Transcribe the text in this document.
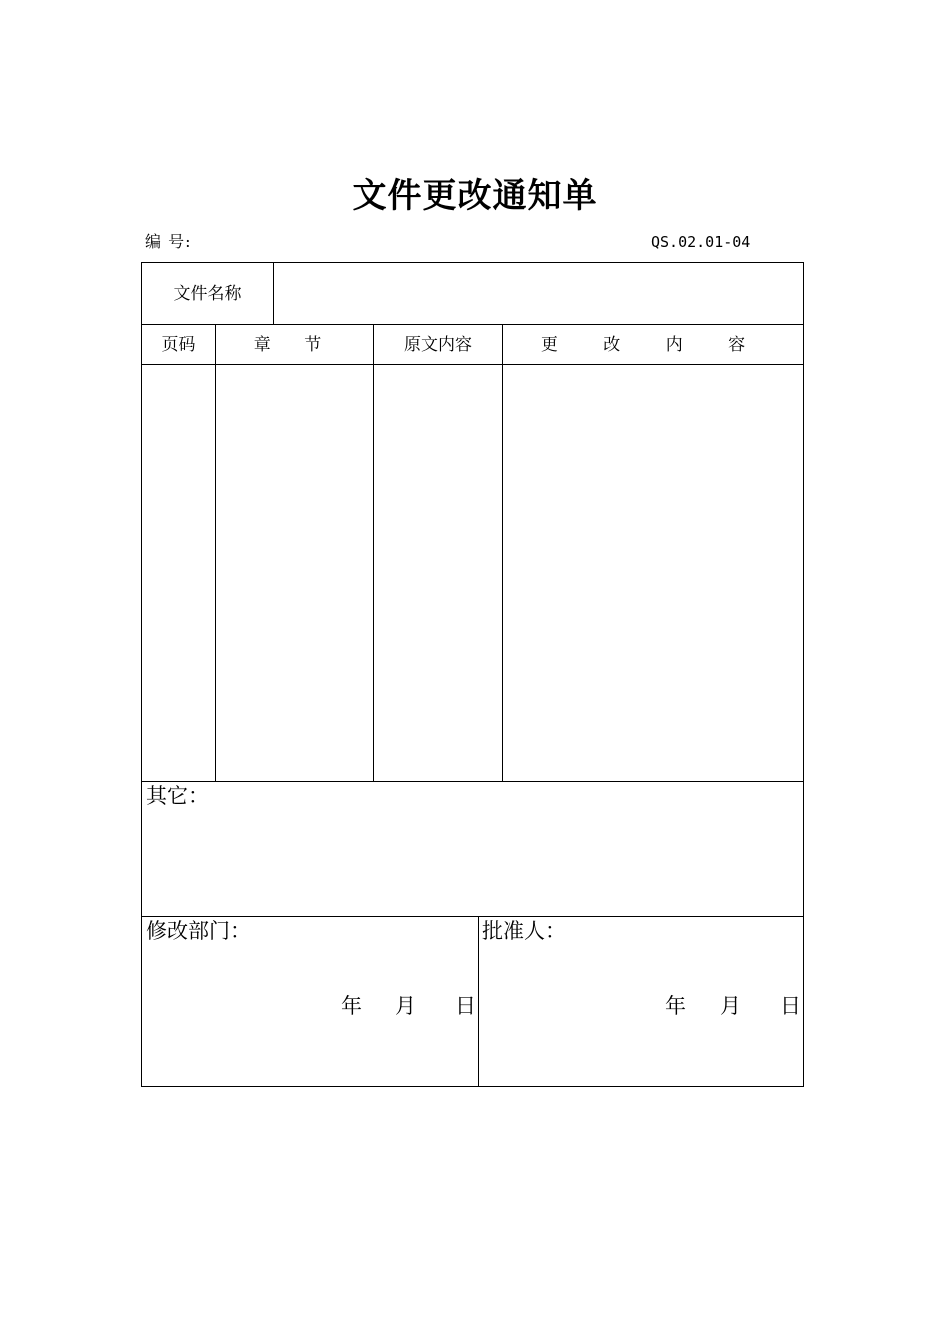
文件更改通知单
编 号:	QS.02.01-04
文件名称
页码	章 节	原文内容	更 改 内 容
其它：
修改部门：
年 月 日
批准人：
年 月 日
